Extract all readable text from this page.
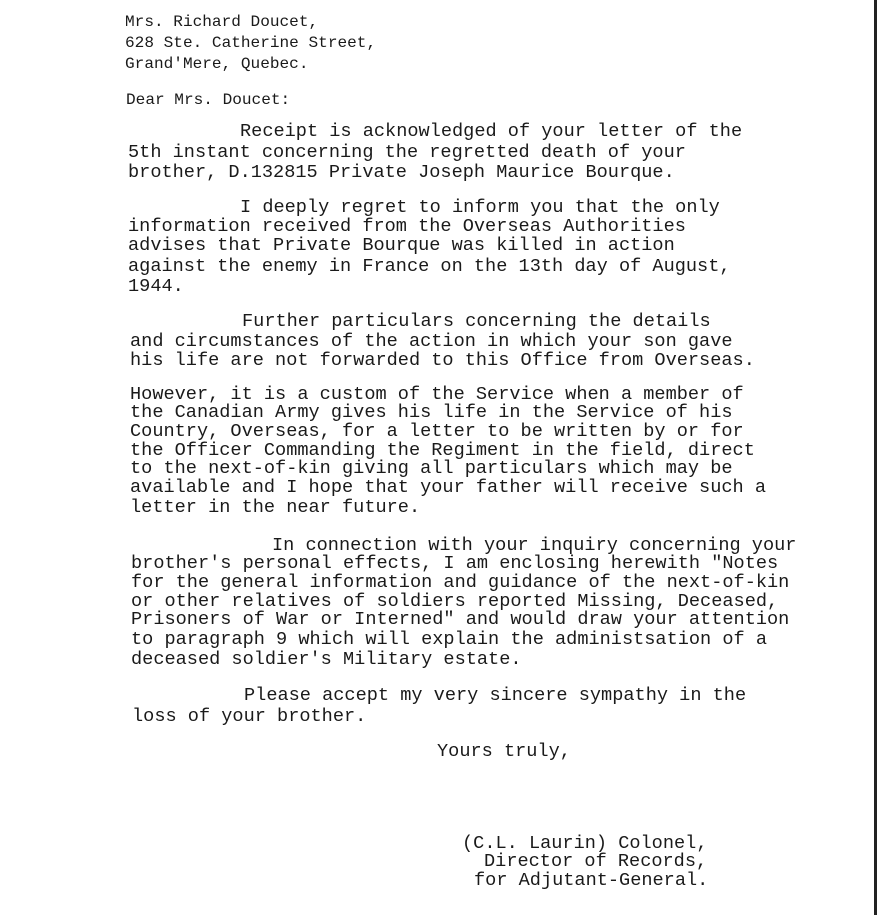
Mrs. Richard Doucet,
628 Ste. Catherine Street,
Grand'Mere, Quebec.
Dear Mrs. Doucet:
Receipt is acknowledged of your letter of the
5th instant concerning the regretted death of your
brother, D.132815 Private Joseph Maurice Bourque.
I deeply regret to inform you that the only
information received from the Overseas Authorities
advises that Private Bourque was killed in action
against the enemy in France on the 13th day of August,
1944.
Further particulars concerning the details
and circumstances of the action in which your son gave
his life are not forwarded to this Office from Overseas.
However, it is a custom of the Service when a member of
the Canadian Army gives his life in the Service of his
Country, Overseas, for a letter to be written by or for
the Officer Commanding the Regiment in the field, direct
to the next-of-kin giving all particulars which may be
available and I hope that your father will receive such a
letter in the near future.
In connection with your inquiry concerning your
brother's personal effects, I am enclosing herewith "Notes
for the general information and guidance of the next-of-kin
or other relatives of soldiers reported Missing, Deceased,
Prisoners of War or Interned" and would draw your attention
to paragraph 9 which will explain the administsation of a
deceased soldier's Military estate.
Please accept my very sincere sympathy in the
loss of your brother.
Yours truly,
(C.L. Laurin) Colonel,
Director of Records,
for Adjutant-General.
